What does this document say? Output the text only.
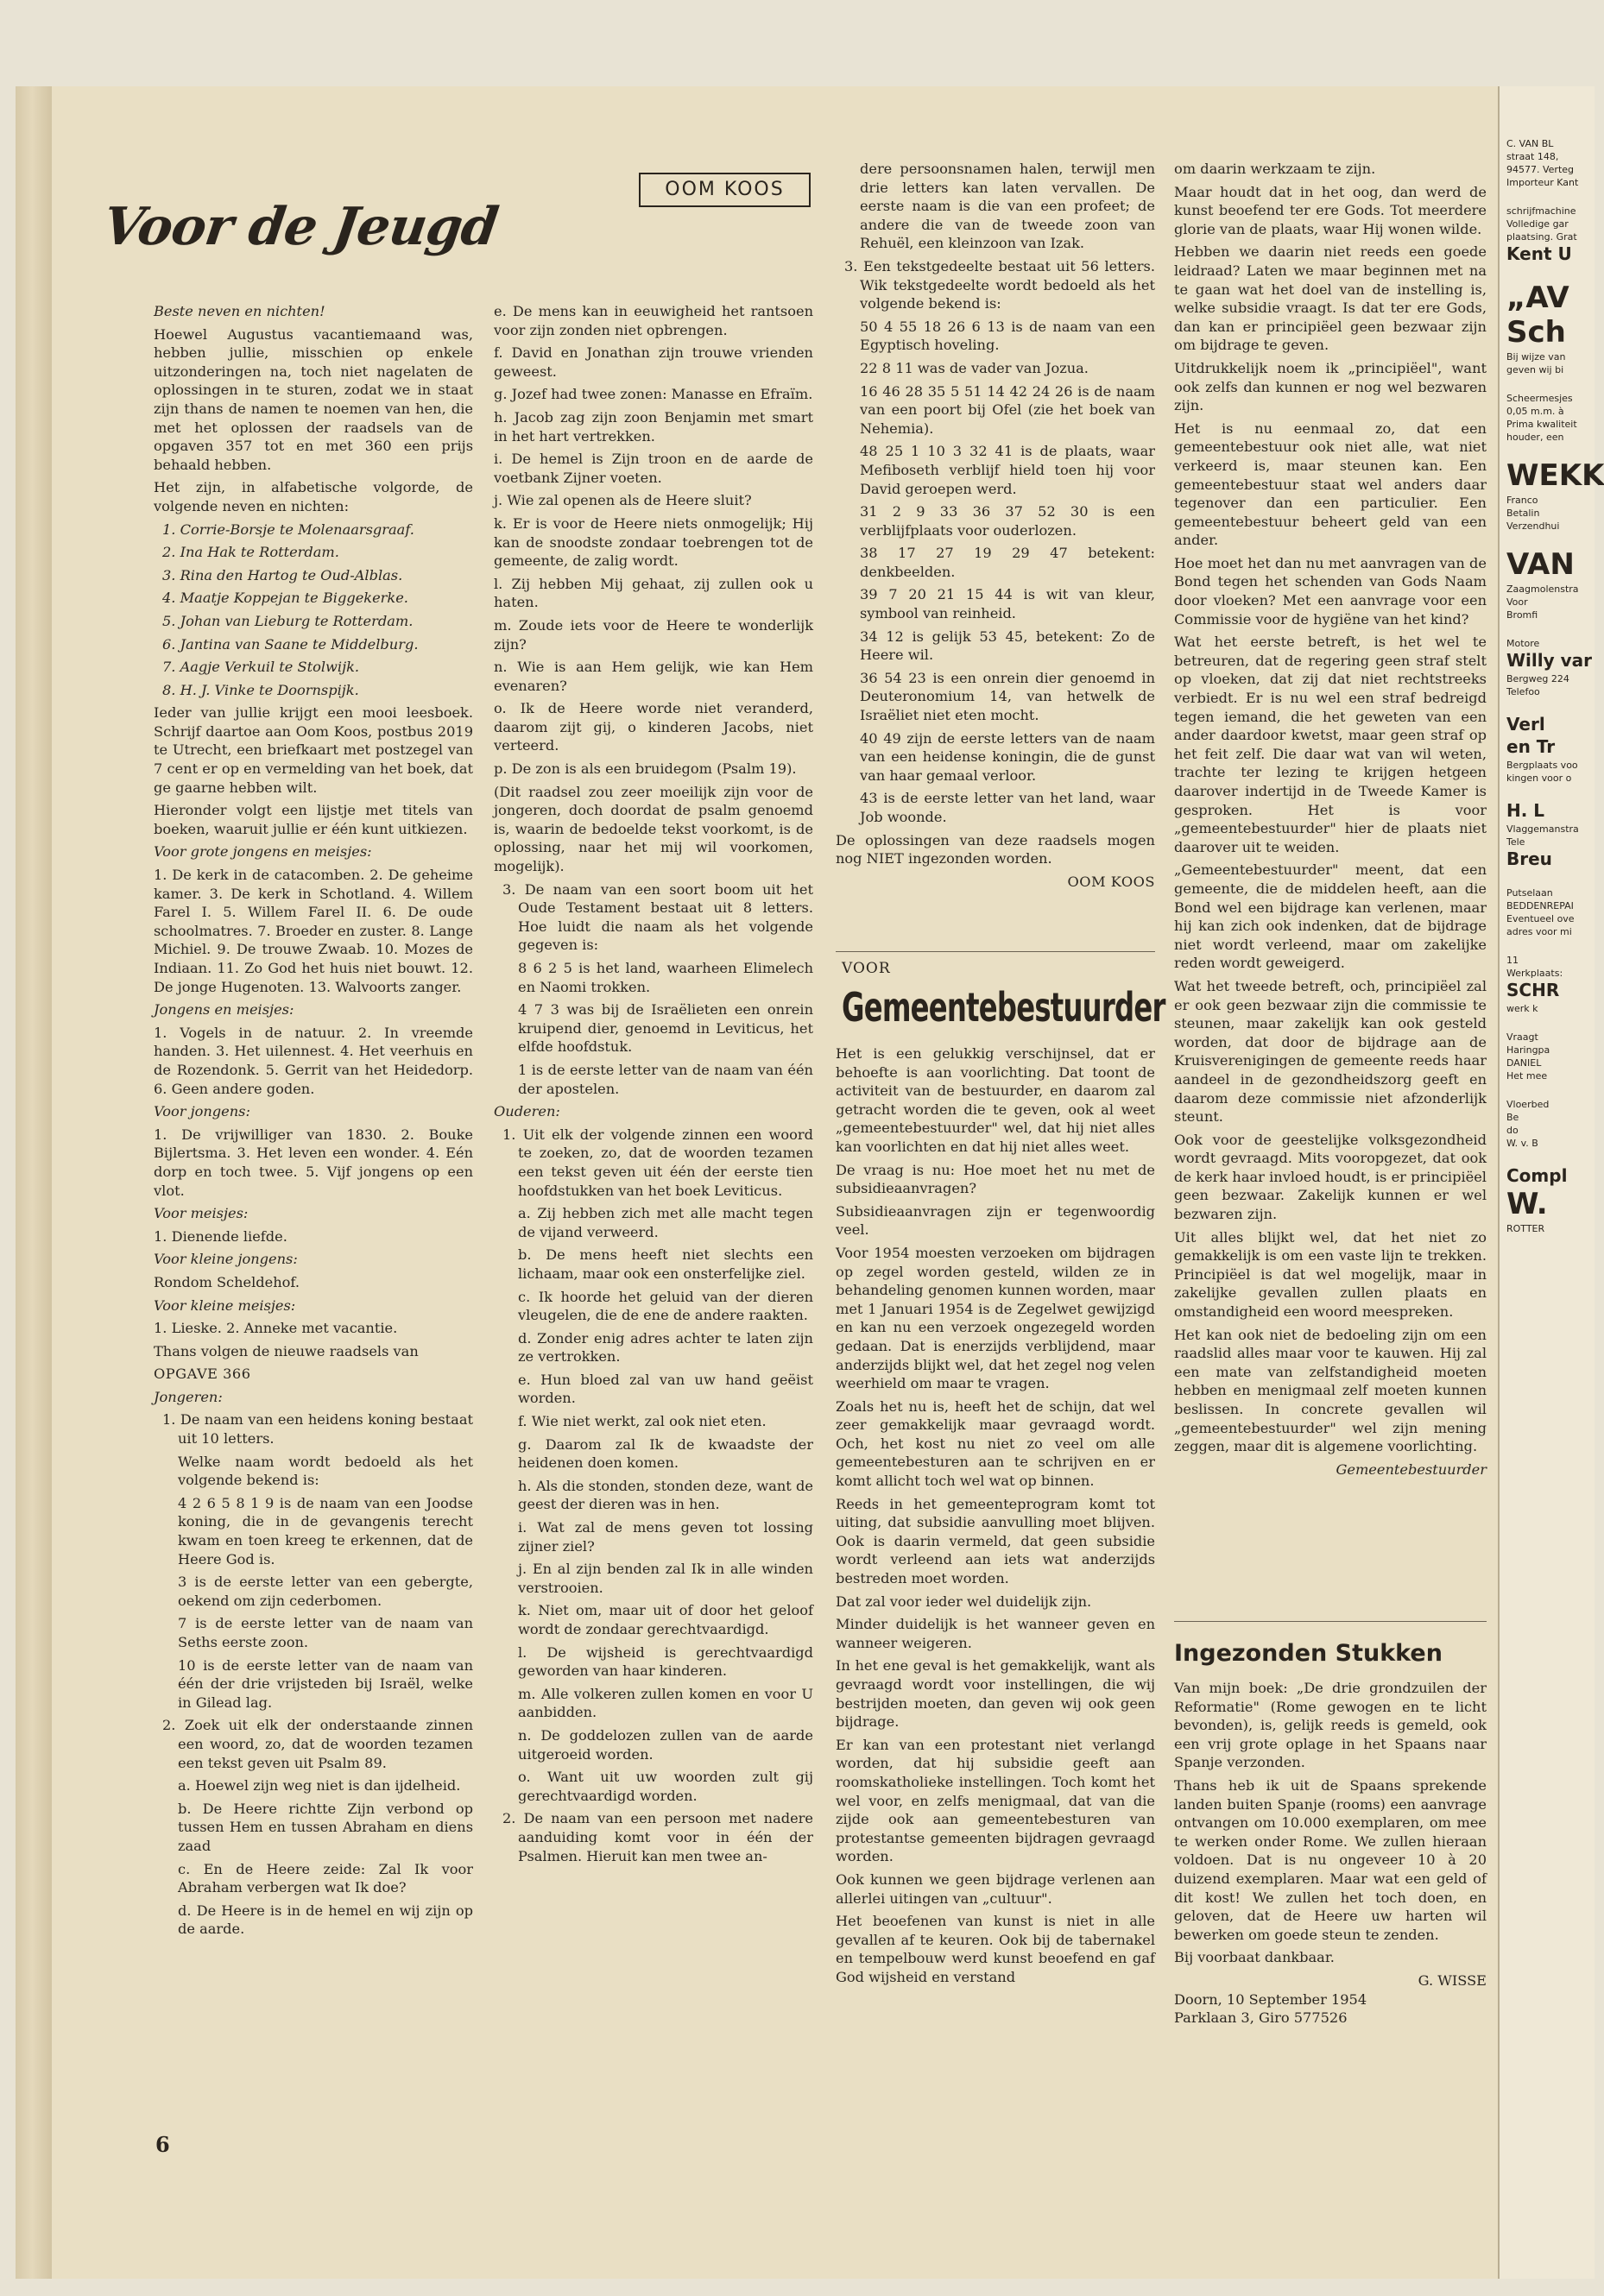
OOM KOOS
Voor de Jeugd

Beste neven en nichten!

Hoewel Augustus vacantiemaand was, hebben jullie, misschien op enkele uitzonderingen na, toch niet nagelaten de oplossingen in te sturen, zodat we in staat zijn thans de namen te noemen van hen, die met het oplossen der raadsels van de opgaven 357 tot en met 360 een prijs behaald hebben.

Het zijn, in alfabetische volgorde, de volgende neven en nichten:

1. Corrie-Borsje te Molenaarsgraaf.

2. Ina Hak te Rotterdam.

3. Rina den Hartog te Oud-Alblas.

4. Maatje Koppejan te Biggekerke.

5. Johan van Lieburg te Rotterdam.

6. Jantina van Saane te Middelburg.

7. Aagje Verkuil te Stolwijk.

8. H. J. Vinke te Doornspijk.

Ieder van jullie krijgt een mooi leesboek. Schrijf daartoe aan Oom Koos, postbus 2019 te Utrecht, een briefkaart met postzegel van 7 cent er op en vermelding van het boek, dat ge gaarne hebben wilt.

Hieronder volgt een lijstje met titels van boeken, waaruit jullie er één kunt uitkiezen.

Voor grote jongens en meisjes:

1. De kerk in de catacomben. 2. De geheime kamer. 3. De kerk in Schotland. 4. Willem Farel I. 5. Willem Farel II. 6. De oude schoolmatres. 7. Broeder en zuster. 8. Lange Michiel. 9. De trouwe Zwaab. 10. Mozes de Indiaan. 11. Zo God het huis niet bouwt. 12. De jonge Hugenoten. 13. Walvoorts zanger.

Jongens en meisjes:

1. Vogels in de natuur. 2. In vreemde handen. 3. Het uilennest. 4. Het veerhuis en de Rozendonk. 5. Gerrit van het Heidedorp. 6. Geen andere goden.

Voor jongens:

1. De vrijwilliger van 1830. 2. Bouke Bijlertsma. 3. Het leven een wonder. 4. Eén dorp en toch twee. 5. Vijf jongens op een vlot.

Voor meisjes:

1. Dienende liefde.

Voor kleine jongens:

Rondom Scheldehof.

Voor kleine meisjes:

1. Lieske. 2. Anneke met vacantie.

Thans volgen de nieuwe raadsels van

OPGAVE 366

Jongeren:

1. De naam van een heidens koning bestaat uit 10 letters.

Welke naam wordt bedoeld als het volgende bekend is:

4 2 6 5 8 1 9 is de naam van een Joodse koning, die in de gevangenis terecht kwam en toen kreeg te erkennen, dat de Heere God is.

3 is de eerste letter van een gebergte, oekend om zijn cederbomen.

7 is de eerste letter van de naam van Seths eerste zoon.

10 is de eerste letter van de naam van één der drie vrijsteden bij Israël, welke in Gilead lag.

2. Zoek uit elk der onderstaande zinnen een woord, zo, dat de woorden tezamen een tekst geven uit Psalm 89.

a. Hoewel zijn weg niet is dan ijdelheid.

b. De Heere richtte Zijn verbond op tussen Hem en tussen Abraham en diens zaad

c. En de Heere zeide: Zal Ik voor Abraham verbergen wat Ik doe?

d. De Heere is in de hemel en wij zijn op de aarde.

e. De mens kan in eeuwigheid het rantsoen voor zijn zonden niet opbrengen.

f. David en Jonathan zijn trouwe vrienden geweest.

g. Jozef had twee zonen: Manasse en Efraïm.

h. Jacob zag zijn zoon Benjamin met smart in het hart vertrekken.

i. De hemel is Zijn troon en de aarde de voetbank Zijner voeten.

j. Wie zal openen als de Heere sluit?

k. Er is voor de Heere niets onmogelijk; Hij kan de snoodste zondaar toebrengen tot de gemeente, de zalig wordt.

l. Zij hebben Mij gehaat, zij zullen ook u haten.

m. Zoude iets voor de Heere te wonderlijk zijn?

n. Wie is aan Hem gelijk, wie kan Hem evenaren?

o. Ik de Heere worde niet veranderd, daarom zijt gij, o kinderen Jacobs, niet verteerd.

p. De zon is als een bruidegom (Psalm 19).

(Dit raadsel zou zeer moeilijk zijn voor de jongeren, doch doordat de psalm genoemd is, waarin de bedoelde tekst voorkomt, is de oplossing, naar het mij wil voorkomen, mogelijk).

3. De naam van een soort boom uit het Oude Testament bestaat uit 8 letters. Hoe luidt die naam als het volgende gegeven is:

8 6 2 5 is het land, waarheen Elimelech en Naomi trokken.

4 7 3 was bij de Israëlieten een onrein kruipend dier, genoemd in Leviticus, het elfde hoofdstuk.

1 is de eerste letter van de naam van één der apostelen.

Ouderen:

1. Uit elk der volgende zinnen een woord te zoeken, zo, dat de woorden tezamen een tekst geven uit één der eerste tien hoofdstukken van het boek Leviticus.

a. Zij hebben zich met alle macht tegen de vijand verweerd.

b. De mens heeft niet slechts een lichaam, maar ook een onsterfelijke ziel.

c. Ik hoorde het geluid van der dieren vleugelen, die de ene de andere raakten.

d. Zonder enig adres achter te laten zijn ze vertrokken.

e. Hun bloed zal van uw hand geëist worden.

f. Wie niet werkt, zal ook niet eten.

g. Daarom zal Ik de kwaadste der heidenen doen komen.

h. Als die stonden, stonden deze, want de geest der dieren was in hen.

i. Wat zal de mens geven tot lossing zijner ziel?

j. En al zijn benden zal Ik in alle winden verstrooien.

k. Niet om, maar uit of door het geloof wordt de zondaar gerechtvaardigd.

l. De wijsheid is gerechtvaardigd geworden van haar kinderen.

m. Alle volkeren zullen komen en voor U aanbidden.

n. De goddelozen zullen van de aarde uitgeroeid worden.

o. Want uit uw woorden zult gij gerechtvaardigd worden.

2. De naam van een persoon met nadere aanduiding komt voor in één der Psalmen. Hieruit kan men twee an-

dere persoonsnamen halen, terwijl men drie letters kan laten vervallen. De eerste naam is die van een profeet; de andere die van de tweede zoon van Rehuël, een kleinzoon van Izak.

3. Een tekstgedeelte bestaat uit 56 letters. Wik tekstgedeelte wordt bedoeld als het volgende bekend is:

50 4 55 18 26 6 13 is de naam van een Egyptisch hoveling.

22 8 11 was de vader van Jozua.

16 46 28 35 5 51 14 42 24 26 is de naam van een poort bij Ofel (zie het boek van Nehemia).

48 25 1 10 3 32 41 is de plaats, waar Mefiboseth verblijf hield toen hij voor David geroepen werd.

31 2 9 33 36 37 52 30 is een verblijfplaats voor ouderlozen.

38 17 27 19 29 47 betekent: denkbeelden.

39 7 20 21 15 44 is wit van kleur, symbool van reinheid.

34 12 is gelijk 53 45, betekent: Zo de Heere wil.

36 54 23 is een onrein dier genoemd in Deuteronomium 14, van hetwelk de Israëliet niet eten mocht.

40 49 zijn de eerste letters van de naam van een heidense koningin, die de gunst van haar gemaal verloor.

43 is de eerste letter van het land, waar Job woonde.

De oplossingen van deze raadsels mogen nog NIET ingezonden worden.

OOM KOOS

VOOR
Gemeentebestuurder

Het is een gelukkig verschijnsel, dat er behoefte is aan voorlichting. Dat toont de activiteit van de bestuurder, en daarom zal getracht worden die te geven, ook al weet „gemeentebestuurder" wel, dat hij niet alles kan voorlichten en dat hij niet alles weet.

De vraag is nu: Hoe moet het nu met de subsidieaanvragen?

Subsidieaanvragen zijn er tegenwoordig veel.

Voor 1954 moesten verzoeken om bijdragen op zegel worden gesteld, wilden ze in behandeling genomen kunnen worden, maar met 1 Januari 1954 is de Zegelwet gewijzigd en kan nu een verzoek ongezegeld worden gedaan. Dat is enerzijds verblijdend, maar anderzijds blijkt wel, dat het zegel nog velen weerhield om maar te vragen.

Zoals het nu is, heeft het de schijn, dat wel zeer gemakkelijk maar gevraagd wordt. Och, het kost nu niet zo veel om alle gemeentebesturen aan te schrijven en er komt allicht toch wel wat op binnen.

Reeds in het gemeenteprogram komt tot uiting, dat subsidie aanvulling moet blijven. Ook is daarin vermeld, dat geen subsidie wordt verleend aan iets wat anderzijds bestreden moet worden.

Dat zal voor ieder wel duidelijk zijn.

Minder duidelijk is het wanneer geven en wanneer weigeren.

In het ene geval is het gemakkelijk, want als gevraagd wordt voor instellingen, die wij bestrijden moeten, dan geven wij ook geen bijdrage.

Er kan van een protestant niet verlangd worden, dat hij subsidie geeft aan roomskatholieke instellingen. Toch komt het wel voor, en zelfs menigmaal, dat van die zijde ook aan gemeentebesturen van protestantse gemeenten bijdragen gevraagd worden.

Ook kunnen we geen bijdrage verlenen aan allerlei uitingen van „cultuur".

Het beoefenen van kunst is niet in alle gevallen af te keuren. Ook bij de tabernakel en tempelbouw werd kunst beoefend en gaf God wijsheid en verstand

om daarin werkzaam te zijn.

Maar houdt dat in het oog, dan werd de kunst beoefend ter ere Gods. Tot meerdere glorie van de plaats, waar Hij wonen wilde.

Hebben we daarin niet reeds een goede leidraad? Laten we maar beginnen met na te gaan wat het doel van de instelling is, welke subsidie vraagt. Is dat ter ere Gods, dan kan er principiëel geen bezwaar zijn om bijdrage te geven.

Uitdrukkelijk noem ik „principiëel", want ook zelfs dan kunnen er nog wel bezwaren zijn.

Het is nu eenmaal zo, dat een gemeentebestuur ook niet alle, wat niet verkeerd is, maar steunen kan. Een gemeentebestuur staat wel anders daar tegenover dan een particulier. Een gemeentebestuur beheert geld van een ander.

Hoe moet het dan nu met aanvragen van de Bond tegen het schenden van Gods Naam door vloeken? Met een aanvrage voor een Commissie voor de hygiëne van het kind?

Wat het eerste betreft, is het wel te betreuren, dat de regering geen straf stelt op vloeken, dat zij dat niet rechtstreeks verbiedt. Er is nu wel een straf bedreigd tegen iemand, die het geweten van een ander daardoor kwetst, maar geen straf op het feit zelf. Die daar wat van wil weten, trachte ter lezing te krijgen hetgeen daarover indertijd in de Tweede Kamer is gesproken. Het is voor „gemeentebestuurder" hier de plaats niet daarover uit te weiden.

„Gemeentebestuurder" meent, dat een gemeente, die de middelen heeft, aan die Bond wel een bijdrage kan verlenen, maar hij kan zich ook indenken, dat de bijdrage niet wordt verleend, maar om zakelijke reden wordt geweigerd.

Wat het tweede betreft, och, principiëel zal er ook geen bezwaar zijn die commissie te steunen, maar zakelijk kan ook gesteld worden, dat door de bijdrage aan de Kruisverenigingen de gemeente reeds haar aandeel in de gezondheidszorg geeft en daarom deze commissie niet afzonderlijk steunt.

Ook voor de geestelijke volksgezondheid wordt gevraagd. Mits vooropgezet, dat ook de kerk haar invloed houdt, is er principiëel geen bezwaar. Zakelijk kunnen er wel bezwaren zijn.

Uit alles blijkt wel, dat het niet zo gemakkelijk is om een vaste lijn te trekken. Principiëel is dat wel mogelijk, maar in zakelijke gevallen zullen plaats en omstandigheid een woord meespreken.

Het kan ook niet de bedoeling zijn om een raadslid alles maar voor te kauwen. Hij zal een mate van zelfstandigheid moeten hebben en menigmaal zelf moeten kunnen beslissen. In concrete gevallen wil „gemeentebestuurder" wel zijn mening zeggen, maar dit is algemene voorlichting.

Gemeentebestuurder

Ingezonden Stukken

Van mijn boek: „De drie grondzuilen der Reformatie" (Rome gewogen en te licht bevonden), is, gelijk reeds is gemeld, ook een vrij grote oplage in het Spaans naar Spanje verzonden.

Thans heb ik uit de Spaans sprekende landen buiten Spanje (rooms) een aanvrage ontvangen om 10.000 exemplaren, om mee te werken onder Rome. We zullen hieraan voldoen. Dat is nu ongeveer 10 à 20 duizend exemplaren. Maar wat een geld of dit kost! We zullen het toch doen, en geloven, dat de Heere uw harten wil bewerken om goede steun te zenden.

Bij voorbaat dankbaar.

G. WISSE

Doorn, 10 September 1954

Parklaan 3, Giro 577526

6
C. VAN BL
straat 148,
94577. Verteg
Importeur Kant
schrijfmachine
Volledige gar
plaatsing. Grat
Kent U
„AV
Sch
Bij wijze van
geven wij bi
Scheermesjes
0,05 m.m. à
Prima kwaliteit
houder, een
WEKK
Franco
Betalin
Verzendhui
VAN
Zaagmolenstra
Voor
Bromfi
Motore
Willy var
Bergweg 224
Telefoo
Verl
en Tr
Bergplaats voo
kingen voor o
H. L
Vlaggemanstra
Tele
Breu
Putselaan
BEDDENREPAI
Eventueel ove
adres voor mi
11
Werkplaats:
SCHR
werk k
Vraagt
Haringpa
DANIEL
Het mee
Vloerbed
Be
do
W. v. B
Compl
W.
ROTTER
